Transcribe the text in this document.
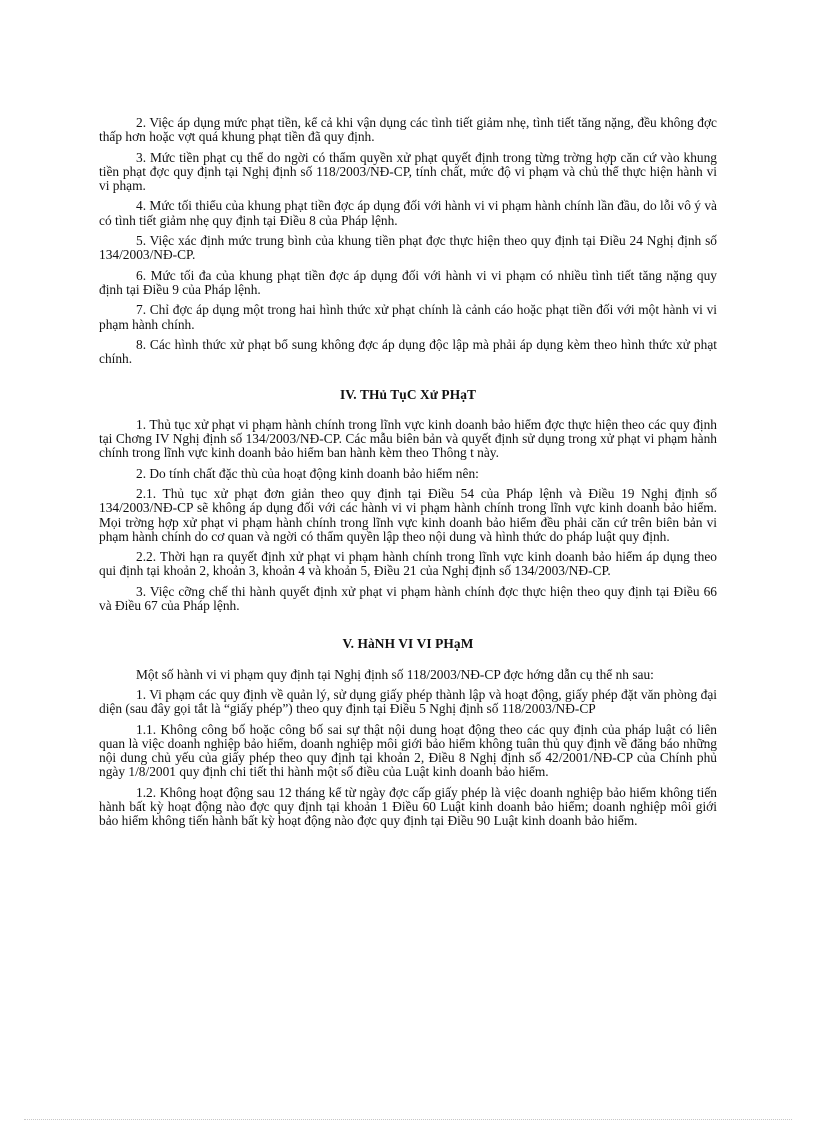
2. Việc áp dụng mức phạt tiền, kể cả khi vận dụng các tình tiết giảm nhẹ, tình tiết tăng nặng, đều không đợc thấp hơn hoặc vợt quá khung phạt tiền đã quy định.

3. Mức tiền phạt cụ thể do ngời có thẩm quyền xử phạt quyết định trong từng trờng hợp căn cứ vào khung tiền phạt đợc quy định tại Nghị định số 118/2003/NĐ-CP, tính chất, mức độ vi phạm và chủ thể thực hiện hành vi vi phạm.

4. Mức tối thiểu của khung phạt tiền đợc áp dụng đối với hành vi vi phạm hành chính lần đầu, do lỗi vô ý và có tình tiết giảm nhẹ quy định tại Điều 8 của Pháp lệnh.

5. Việc xác định mức trung bình của khung tiền phạt đợc thực hiện theo quy định tại Điều 24 Nghị định số 134/2003/NĐ-CP.

6. Mức tối đa của khung phạt tiền đợc áp dụng đối với hành vi vi phạm có nhiều tình tiết tăng nặng quy định tại Điều 9 của Pháp lệnh.

7. Chỉ đợc áp dụng một trong hai hình thức xử phạt chính là cảnh cáo hoặc phạt tiền đối với một hành vi vi phạm hành chính.

8. Các hình thức xử phạt bổ sung không đợc áp dụng độc lập mà phải áp dụng kèm theo hình thức xử phạt chính.

IV. THủ TụC Xử PHạT

1. Thủ tục xử phạt vi phạm hành chính trong lĩnh vực kinh doanh bảo hiểm đợc thực hiện theo các quy định tại Chơng IV Nghị định số 134/2003/NĐ-CP. Các mẫu biên bản và quyết định sử dụng trong xử phạt vi phạm hành chính trong lĩnh vực kinh doanh bảo hiểm ban hành kèm theo Thông t này.

2. Do tính chất đặc thù của hoạt động kinh doanh bảo hiểm nên:

2.1. Thủ tục xử phạt đơn giản theo quy định tại Điều 54 của Pháp lệnh và Điều 19 Nghị định số 134/2003/NĐ-CP sẽ không áp dụng đối với các hành vi vi phạm hành chính trong lĩnh vực kinh doanh bảo hiểm. Mọi trờng hợp xử phạt vi phạm hành chính trong lĩnh vực kinh doanh bảo hiểm đều phải căn cứ trên biên bản vi phạm hành chính do cơ quan và ngời có thẩm quyền lập theo nội dung và hình thức do pháp luật quy định.

2.2. Thời hạn ra quyết định xử phạt vi phạm hành chính trong lĩnh vực kinh doanh bảo hiểm áp dụng theo qui định tại khoản 2, khoản 3, khoản 4 và khoản 5, Điều 21 của Nghị định số 134/2003/NĐ-CP.

3. Việc cỡng chế thi hành quyết định xử phạt vi phạm hành chính đợc thực hiện theo quy định tại Điều 66 và Điều 67 của Pháp lệnh.

V. HàNH VI VI PHạM

Một số hành vi vi phạm quy định tại Nghị định số 118/2003/NĐ-CP đợc hớng dẫn cụ thể nh sau:

1. Vi phạm các quy định về quản lý, sử dụng giấy phép thành lập và hoạt động, giấy phép đặt văn phòng đại diện (sau đây gọi tắt là “giấy phép”) theo quy định tại Điều 5 Nghị định số 118/2003/NĐ-CP

1.1. Không công bố hoặc công bố sai sự thật nội dung hoạt động theo các quy định của pháp luật có liên quan là việc doanh nghiệp bảo hiểm, doanh nghiệp môi giới bảo hiểm không tuân thủ quy định về đăng báo những nội dung chủ yếu của giấy phép theo quy định tại khoản 2, Điều 8 Nghị định số 42/2001/NĐ-CP của Chính phủ ngày 1/8/2001 quy định chi tiết thi hành một số điều của Luật kinh doanh bảo hiểm.

1.2. Không hoạt động sau 12 tháng kể từ ngày đợc cấp giấy phép là việc doanh nghiệp bảo hiểm không tiến hành bất kỳ hoạt động nào đợc quy định tại khoản 1 Điều 60 Luật kinh doanh bảo hiểm; doanh nghiệp môi giới bảo hiểm không tiến hành bất kỳ hoạt động nào đợc quy định tại Điều 90 Luật kinh doanh bảo hiểm.
